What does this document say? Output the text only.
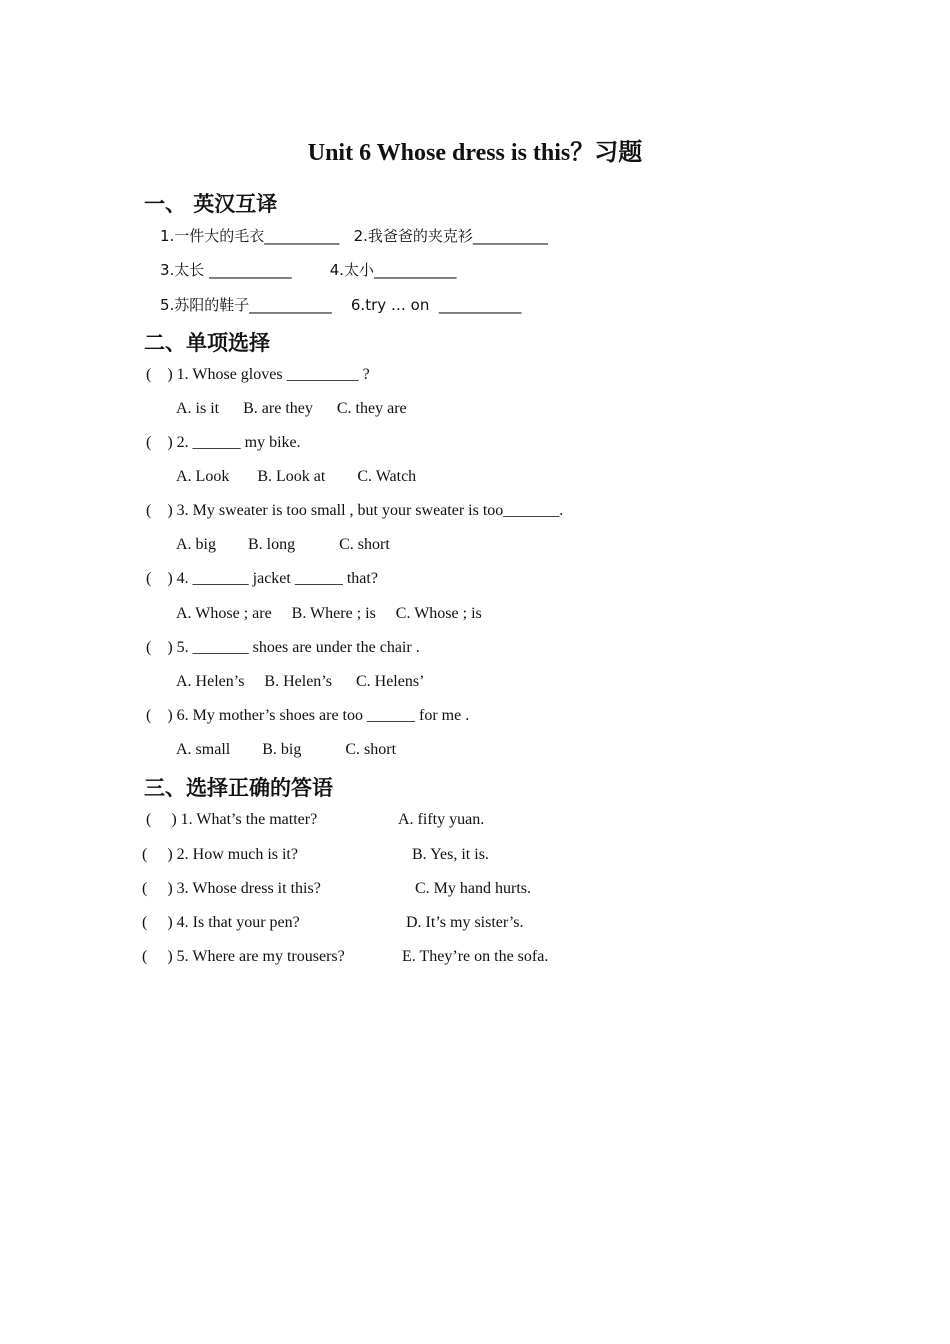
Unit 6 Whose dress is this？习题
一、 英汉互译
1.一件大的毛衣__________   2.我爸爸的夹克衫__________
3.太长 ___________        4.太小___________
5.苏阳的鞋子___________    6.try … on  ___________
二、单项选择
(    ) 1. Whose gloves _________ ?
A. is it      B. are they      C. they are
(    ) 2. ______ my bike.
A. Look       B. Look at        C. Watch
(    ) 3. My sweater is too small , but your sweater is too_______.
A. big        B. long           C. short
(    ) 4. _______ jacket ______ that?
A. Whose ; are     B. Where ; is     C. Whose ; is
(    ) 5. _______ shoes are under the chair .
A. Helen’s     B. Helen’s      C. Helens’
(    ) 6. My mother’s shoes are too ______ for me .
A. small        B. big           C. short
三、选择正确的答语
(     ) 1. What’s the matter?	A. fifty yuan.
(     ) 2. How much is it?	B. Yes, it is.
(     ) 3. Whose dress it this?	C. My hand hurts.
(     ) 4. Is that your pen?	D. It’s my sister’s.
(     ) 5. Where are my trousers?	E. They’re on the sofa.
